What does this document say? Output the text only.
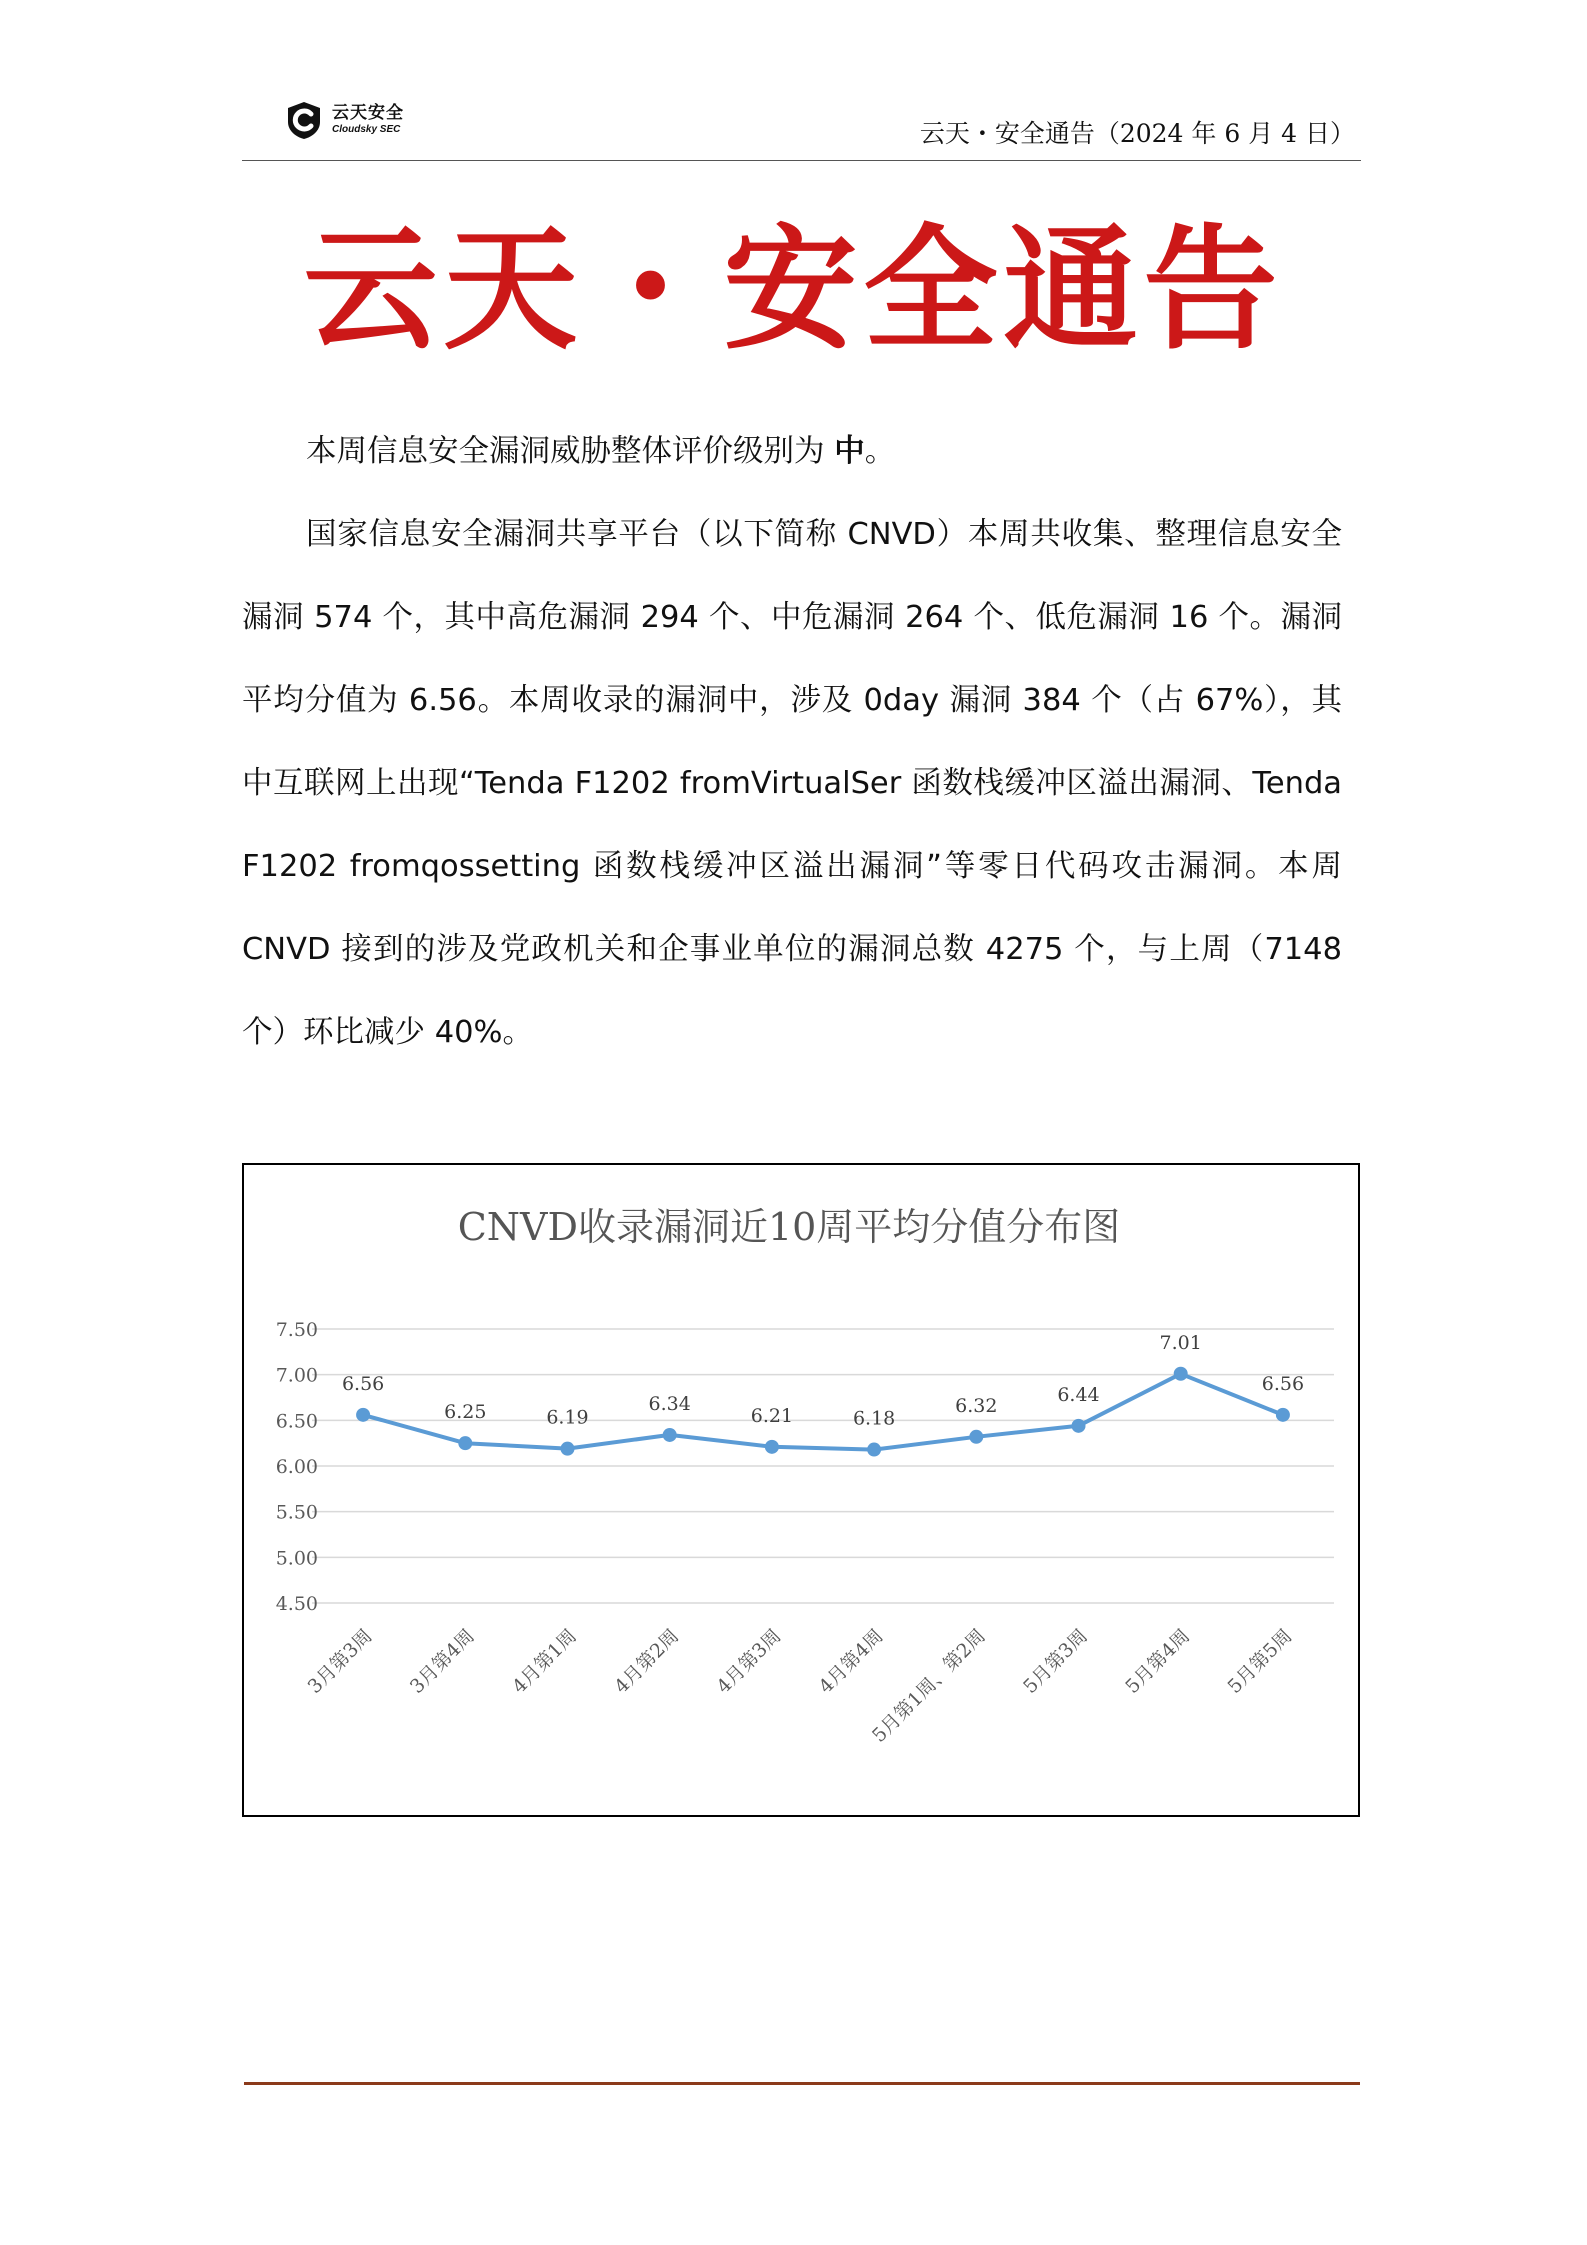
云天安全
Cloudsky SEC	云天・安全通告（2024 年 6 月 4 日）
云天・安全通告

本周信息安全漏洞威胁整体评价级别为 中。

国家信息安全漏洞共享平台（以下简称 CNVD）本周共收集、整理信息安全漏洞 574 个，其中高危漏洞 294 个、中危漏洞 264 个、低危漏洞 16 个。漏洞平均分值为 6.56。本周收录的漏洞中，涉及 0day 漏洞 384 个（占 67%），其中互联网上出现“Tenda F1202 fromVirtualSer 函数栈缓冲区溢出漏洞、Tenda F1202 fromqossetting 函数栈缓冲区溢出漏洞”等零日代码攻击漏洞。本周 CNVD 接到的涉及党政机关和企事业单位的漏洞总数 4275 个，与上周（7148 个）环比减少 40%。

CNVD收录漏洞近10周平均分值分布图
4.50
5.00
5.50
6.00
6.50
7.00
7.50
6.56
6.25	6.19
6.34
6.21	6.18
6.32	6.44
7.01
6.56
3月第3周 3月第4周 4月第1周 4月第2周 4月第3周 4月第4周
5月第1周、第2周 5月第3周 5月第4周 5月第5周
